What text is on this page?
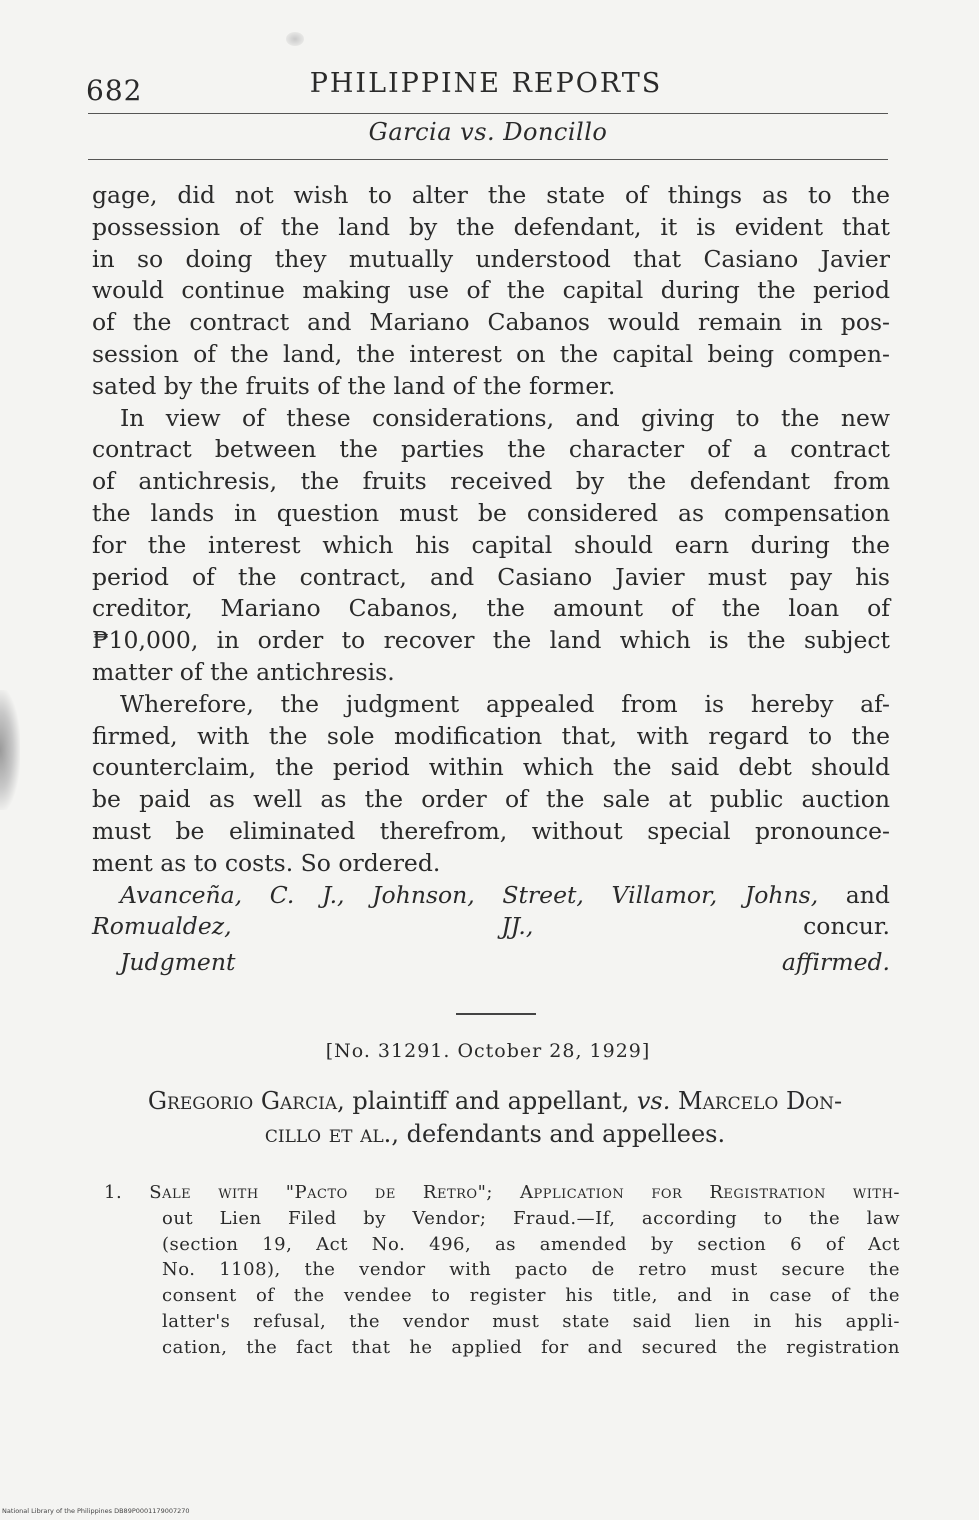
682	PHILIPPINE REPORTS
Garcia vs. Doncillo

gage, did not wish to alter the state of things as to the
possession of the land by the defendant, it is evident that
in so doing they mutually understood that Casiano Javier
would continue making use of the capital during the period
of the contract and Mariano Cabanos would remain in pos-
session of the land, the interest on the capital being compen-
sated by the fruits of the land of the former.

In view of these considerations, and giving to the new
contract between the parties the character of a contract
of antichresis, the fruits received by the defendant from
the lands in question must be considered as compensation
for the interest which his capital should earn during the
period of the contract, and Casiano Javier must pay his
creditor, Mariano Cabanos, the amount of the loan of
₱10,000, in order to recover the land which is the subject
matter of the antichresis.

Wherefore, the judgment appealed from is hereby af-
firmed, with the sole modification that, with regard to the
counterclaim, the period within which the said debt should
be paid as well as the order of the sale at public auction
must be eliminated therefrom, without special pronounce-
ment as to costs. So ordered.

Avanceña, C. J., Johnson, Street, Villamor, Johns, and
Romualdez, JJ., concur.
Judgment affirmed.

[No. 31291. October 28, 1929]
Gregorio Garcia, plaintiff and appellant, vs. Marcelo Don-
cillo et al., defendants and appellees.
1. Sale with "Pacto de Retro"; Application for Registration with-
out Lien Filed by Vendor; Fraud.—If, according to the law
(section 19, Act No. 496, as amended by section 6 of Act
No. 1108), the vendor with pacto de retro must secure the
consent of the vendee to register his title, and in case of the
latter's refusal, the vendor must state said lien in his appli-
cation, the fact that he applied for and secured the registration
National Library of the Philippines DB89P0001179007270
